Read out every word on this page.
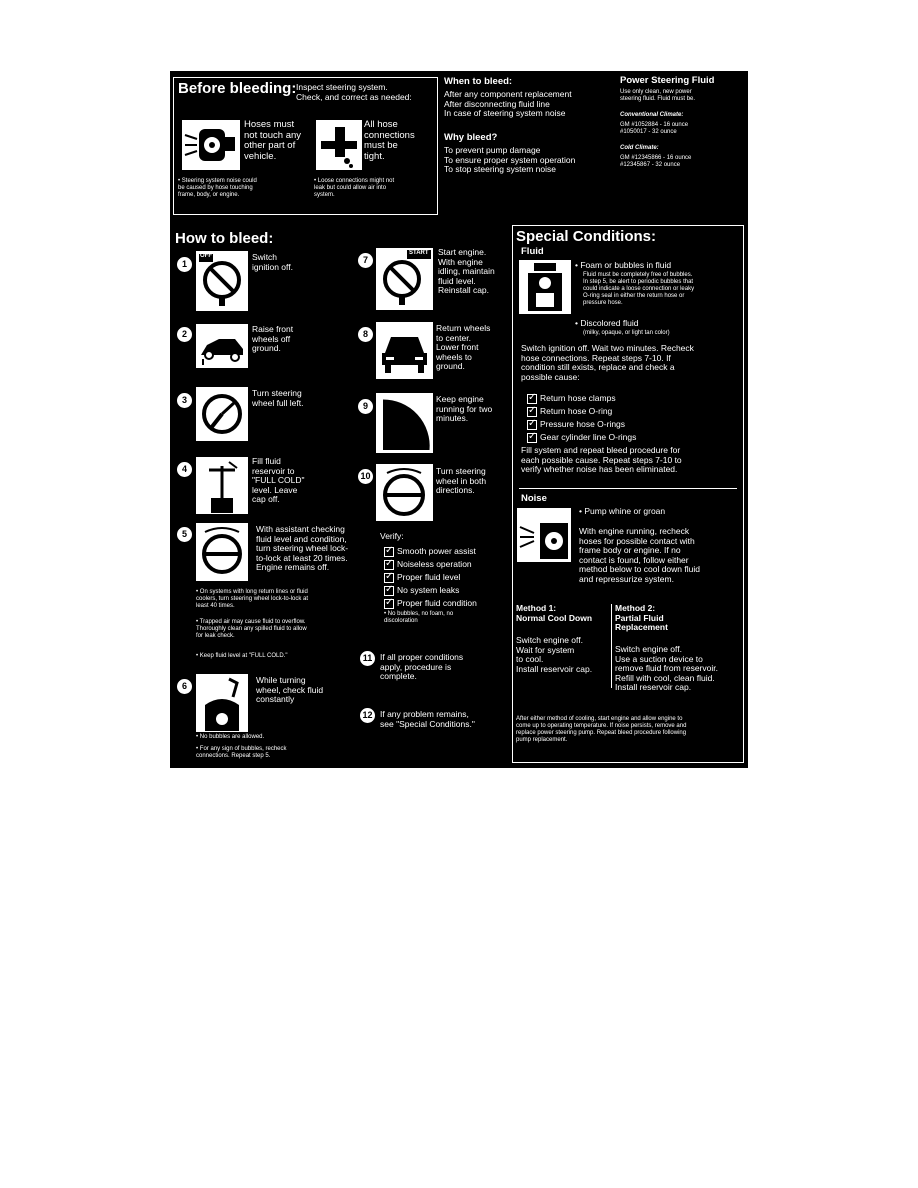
Before bleeding: Inspect steering system.
Check, and correct as needed:
Hoses must
not touch any
other part of
vehicle.
All hose
connections
must be
tight.
• Steering system noise could
be caused by hose touching
frame, body, or engine.
• Loose connections might not
leak but could allow air into
system.
When to bleed:
After any component replacement
After disconnecting fluid line
In case of steering system noise
Why bleed?
To prevent pump damage
To ensure proper system operation
To stop steering system noise
Power Steering Fluid
Use only clean, new power
steering fluid. Fluid must be.
Conventional Climate:
GM #1052884 - 16 ounce
#1050017 - 32 ounce
Cold Climate:
GM #12345866 - 16 ounce
#12345867 - 32 ounce
How to bleed:
1
OFF	Switch
ignition off.
2	Raise front
wheels off
ground.
3
Turn steering
wheel full left.
4
Fill fluid
reservoir to
"FULL COLD"
level. Leave
cap off.
5	With assistant checking
fluid level and condition,
turn steering wheel lock-
to-lock at least 20 times.
Engine remains off.
• On systems with long return lines or fluid
coolers, turn steering wheel lock-to-lock at
least 40 times.
• Trapped air may cause fluid to overflow.
Thoroughly clean any spilled fluid to allow
for leak check.
• Keep fluid level at "FULL COLD."
6
While turning
wheel, check fluid
constantly
• No bubbles are allowed.
• For any sign of bubbles, recheck
connections. Repeat step 5.
7
START Start engine.
With engine
idling, maintain
fluid level.
Reinstall cap.
8
Return wheels
to center.
Lower front
wheels to
ground.
9
Keep engine
running for two
minutes.
10	Turn steering
wheel in both
directions.
Verify:
✓
Smooth power assist
✓
Noiseless operation
✓
Proper fluid level
✓
No system leaks
✓
Proper fluid condition
• No bubbles, no foam, no
discoloration
11 If all proper conditions
apply, procedure is
complete.
12 If any problem remains,
see "Special Conditions."
Special Conditions:
Fluid
• Foam or bubbles in fluid
Fluid must be completely free of bubbles.
In step 5, be alert to periodic bubbles that
could indicate a loose connection or leaky
O-ring seal in either the return hose or
pressure hose.
• Discolored fluid
(milky, opaque, or light tan color)
Switch ignition off. Wait two minutes. Recheck
hose connections. Repeat steps 7-10. If
condition still exists, replace and check a
possible cause:
✓
Return hose clamps
✓
Return hose O-ring
✓
Pressure hose O-rings
✓
Gear cylinder line O-rings
Fill system and repeat bleed procedure for
each possible cause. Repeat steps 7-10 to
verify whether noise has been eliminated.
Noise
• Pump whine or groan
With engine running, recheck
hoses for possible contact with
frame body or engine. If no
contact is found, follow either
method below to cool down fluid
and repressurize system.
Method 1:
Normal Cool Down
Switch engine off.
Wait for system
to cool.
Install reservoir cap.
Method 2:
Partial Fluid
Replacement
Switch engine off.
Use a suction device to
remove fluid from reservoir.
Refill with cool, clean fluid.
Install reservoir cap.
After either method of cooling, start engine and allow engine to
come up to operating temperature. If noise persists, remove and
replace power steering pump. Repeat bleed procedure following
pump replacement.
